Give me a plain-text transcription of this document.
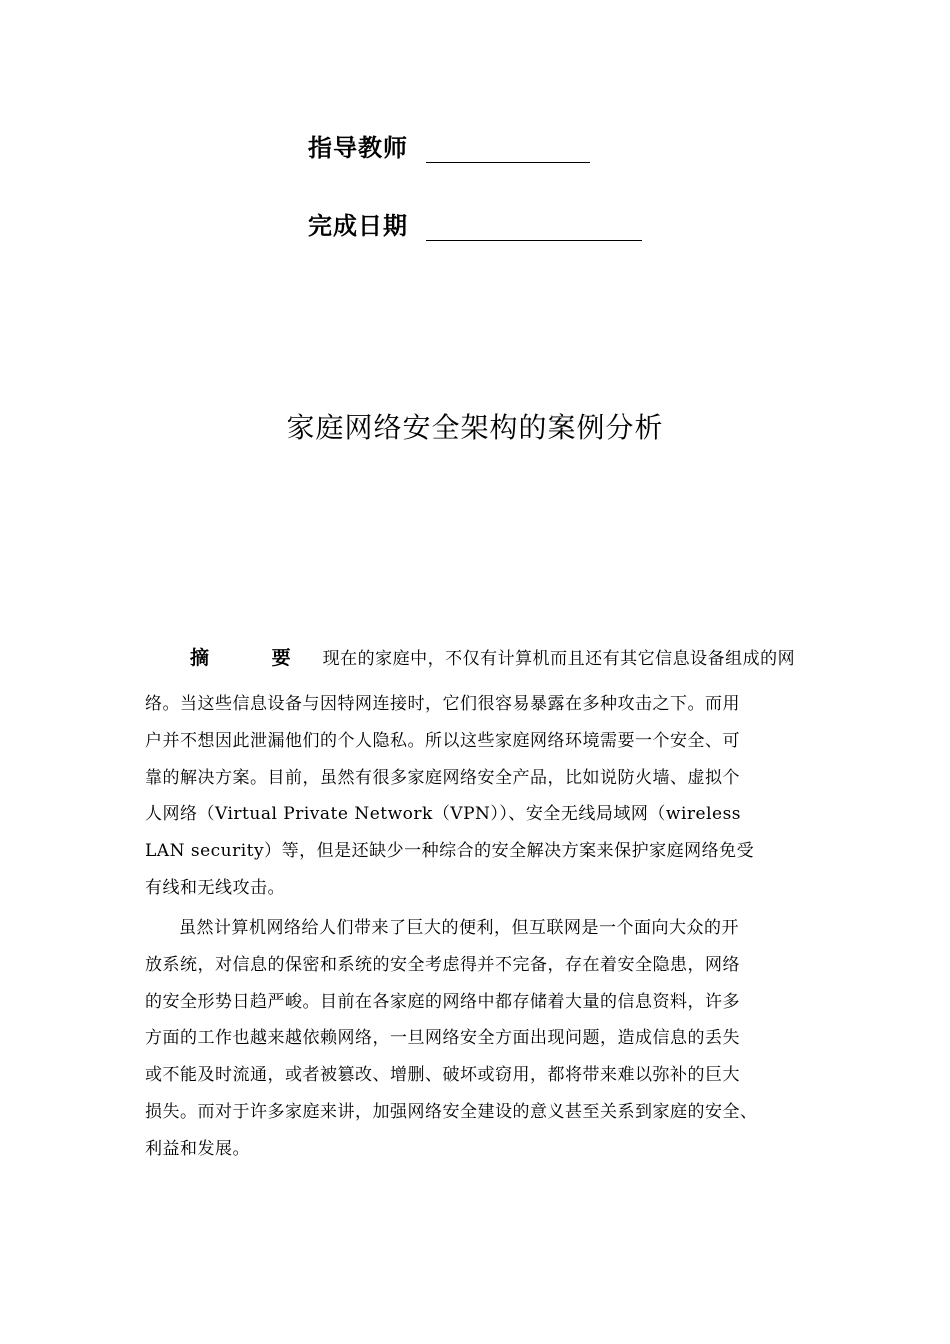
指导教师
完成日期
家庭网络安全架构的案例分析
摘 要 现在的家庭中，不仅有计算机而且还有其它信息设备组成的网
络。当这些信息设备与因特网连接时，它们很容易暴露在多种攻击之下。而用
户并不想因此泄漏他们的个人隐私。所以这些家庭网络环境需要一个安全、可
靠的解决方案。目前，虽然有很多家庭网络安全产品，比如说防火墙、虚拟个
人网络（Virtual Private Network（VPN））、安全无线局域网（wireless
LAN security）等，但是还缺少一种综合的安全解决方案来保护家庭网络免受
有线和无线攻击。
虽然计算机网络给人们带来了巨大的便利，但互联网是一个面向大众的开
放系统，对信息的保密和系统的安全考虑得并不完备，存在着安全隐患，网络
的安全形势日趋严峻。目前在各家庭的网络中都存储着大量的信息资料，许多
方面的工作也越来越依赖网络，一旦网络安全方面出现问题，造成信息的丢失
或不能及时流通，或者被篡改、增删、破坏或窃用，都将带来难以弥补的巨大
损失。而对于许多家庭来讲，加强网络安全建设的意义甚至关系到家庭的安全、
利益和发展。
